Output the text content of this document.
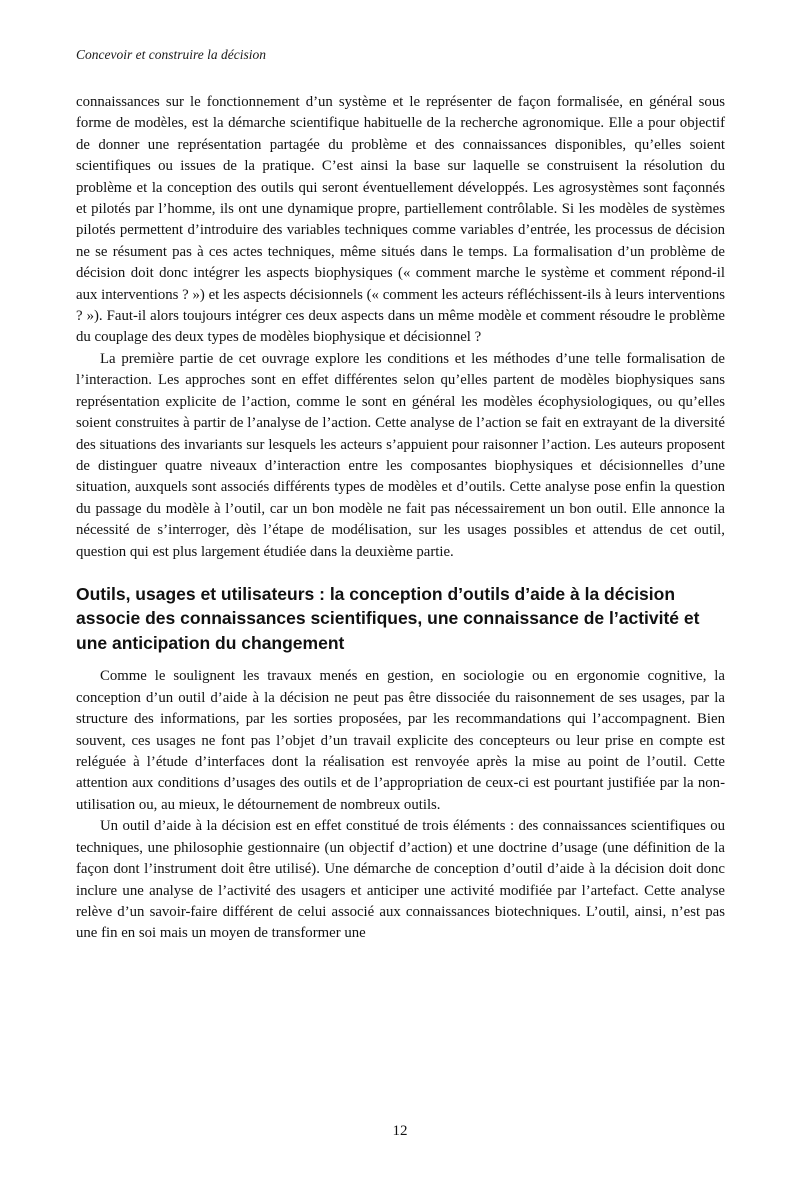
Concevoir et construire la décision

connaissances sur le fonctionnement d’un système et le représenter de façon formalisée, en général sous forme de modèles, est la démarche scientifique habituelle de la recherche agronomique. Elle a pour objectif de donner une représentation partagée du problème et des connaissances disponibles, qu’elles soient scientifiques ou issues de la pratique. C’est ainsi la base sur laquelle se construisent la résolution du problème et la conception des outils qui seront éventuellement développés. Les agrosystèmes sont façonnés et pilotés par l’homme, ils ont une dynamique propre, partiellement contrôlable. Si les modèles de systèmes pilotés permettent d’introduire des variables techniques comme variables d’entrée, les processus de décision ne se résument pas à ces actes techniques, même situés dans le temps. La formalisation d’un problème de décision doit donc intégrer les aspects biophysiques (« comment marche le système et comment répond-il aux interventions ? ») et les aspects décisionnels (« comment les acteurs réfléchissent-ils à leurs interventions ? »). Faut-il alors toujours intégrer ces deux aspects dans un même modèle et comment résoudre le problème du couplage des deux types de modèles biophysique et décisionnel ?

La première partie de cet ouvrage explore les conditions et les méthodes d’une telle formalisation de l’interaction. Les approches sont en effet différentes selon qu’elles partent de modèles biophysiques sans représentation explicite de l’action, comme le sont en général les modèles écophysiologiques, ou qu’elles soient construites à partir de l’analyse de l’action. Cette analyse de l’action se fait en extrayant de la diversité des situations des invariants sur lesquels les acteurs s’appuient pour raisonner l’action. Les auteurs proposent de distinguer quatre niveaux d’interaction entre les composantes biophysiques et décisionnelles d’une situation, auxquels sont associés différents types de modèles et d’outils. Cette analyse pose enfin la question du passage du modèle à l’outil, car un bon modèle ne fait pas nécessairement un bon outil. Elle annonce la nécessité de s’interroger, dès l’étape de modélisation, sur les usages possibles et attendus de cet outil, question qui est plus largement étudiée dans la deuxième partie.

Outils, usages et utilisateurs : la conception d’outils d’aide à la décision associe des connaissances scientifiques, une connaissance de l’activité et une anticipation du changement

Comme le soulignent les travaux menés en gestion, en sociologie ou en ergonomie cognitive, la conception d’un outil d’aide à la décision ne peut pas être dissociée du raisonnement de ses usages, par la structure des informations, par les sorties proposées, par les recommandations qui l’accompagnent. Bien souvent, ces usages ne font pas l’objet d’un travail explicite des concepteurs ou leur prise en compte est reléguée à l’étude d’interfaces dont la réalisation est renvoyée après la mise au point de l’outil. Cette attention aux conditions d’usages des outils et de l’appropriation de ceux-ci est pourtant justifiée par la non-utilisation ou, au mieux, le détournement de nombreux outils.

Un outil d’aide à la décision est en effet constitué de trois éléments : des connaissances scientifiques ou techniques, une philosophie gestionnaire (un objectif d’action) et une doctrine d’usage (une définition de la façon dont l’instrument doit être utilisé). Une démarche de conception d’outil d’aide à la décision doit donc inclure une analyse de l’activité des usagers et anticiper une activité modifiée par l’artefact. Cette analyse relève d’un savoir-faire différent de celui associé aux connaissances biotechniques. L’outil, ainsi, n’est pas une fin en soi mais un moyen de transformer une

12
